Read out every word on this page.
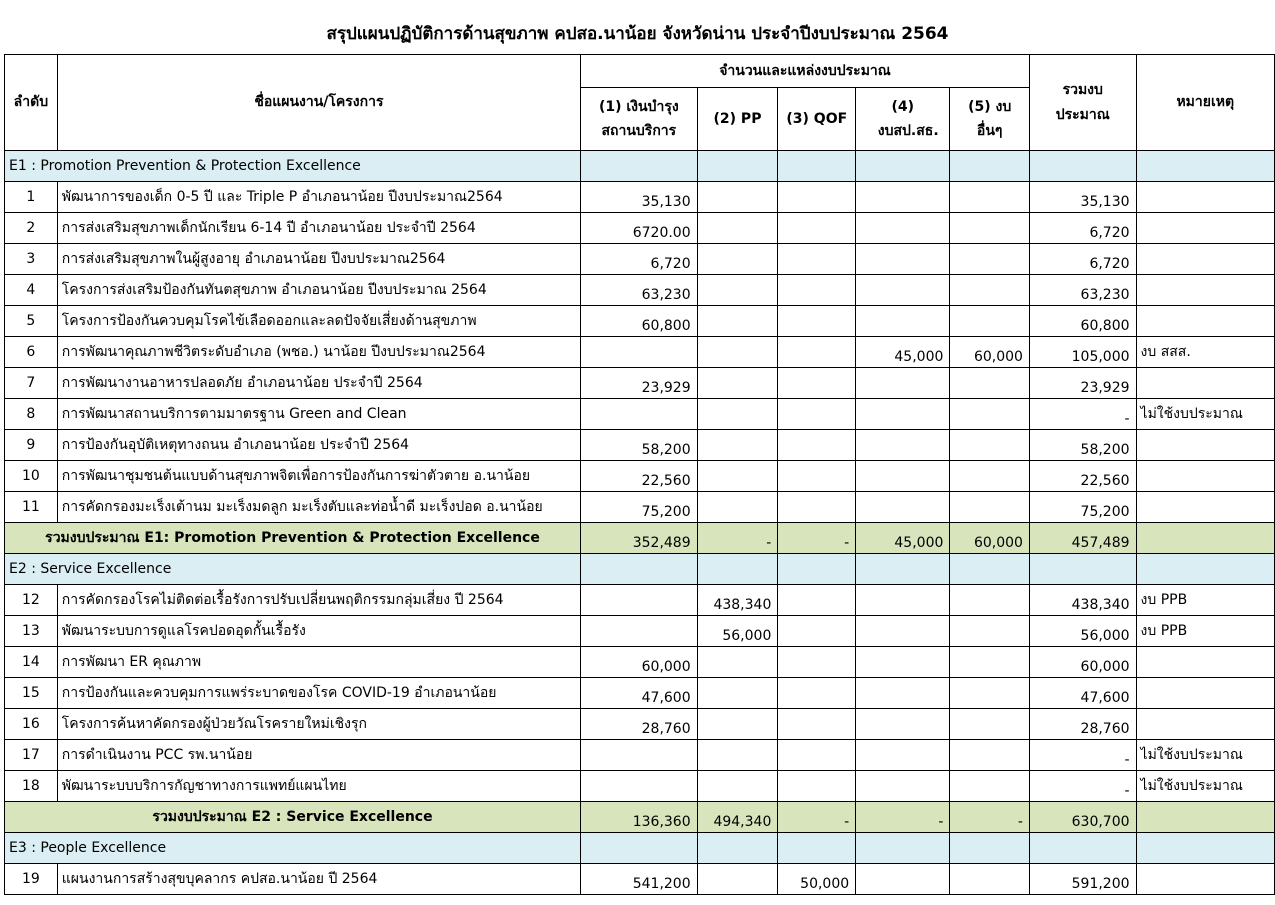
สรุปแผนปฏิบัติการด้านสุขภาพ คปสอ.นาน้อย จังหวัดน่าน ประจำปีงบประมาณ 2564
ลำดับ	ชื่อแผนงาน/โครงการ	จำนวนและแหล่งงบประมาณ					รวมงบประมาณ	หมายเหตุ

		(1) เงินบำรุงสถานบริการ	(2) PP	(3) QOF	(4) งบสป.สธ.	(5) งบอื่นๆ		

E1 : Promotion Prevention & Protection Excellence								
1	พัฒนาการของเด็ก 0-5 ปี และ Triple P อำเภอนาน้อย ปีงบประมาณ2564	35,130					35,130	
2	การส่งเสริมสุขภาพเด็กนักเรียน 6-14 ปี อำเภอนาน้อย ประจำปี 2564	6720.00					6,720	
3	การส่งเสริมสุขภาพในผู้สูงอายุ อำเภอนาน้อย ปีงบประมาณ2564	6,720					6,720	
4	โครงการส่งเสริมป้องกันทันตสุขภาพ อำเภอนาน้อย ปีงบประมาณ 2564	63,230					63,230	
5	โครงการป้องกันควบคุมโรคไข้เลือดออกและลดปัจจัยเสี่ยงด้านสุขภาพ	60,800					60,800	
6	การพัฒนาคุณภาพชีวิตระดับอำเภอ (พชอ.) นาน้อย ปีงบประมาณ2564				45,000	60,000	105,000	งบ สสส.
7	การพัฒนางานอาหารปลอดภัย อำเภอนาน้อย ประจำปี 2564	23,929					23,929	
8	การพัฒนาสถานบริการตามมาตรฐาน Green and Clean						-	ไม่ใช้งบประมาณ
9	การป้องกันอุบัติเหตุทางถนน อำเภอนาน้อย ประจำปี 2564	58,200					58,200	
10	การพัฒนาชุมชนต้นแบบด้านสุขภาพจิตเพื่อการป้องกันการฆ่าตัวตาย อ.นาน้อย	22,560					22,560	
11	การคัดกรองมะเร็งเต้านม มะเร็งมดลูก มะเร็งตับและท่อน้ำดี มะเร็งปอด อ.นาน้อย	75,200					75,200	
รวมงบประมาณ E1: Promotion Prevention & Protection Excellence		352,489	-	-	45,000	60,000	457,489	
E2 : Service Excellence								
12	การคัดกรองโรคไม่ติดต่อเรื้อรังการปรับเปลี่ยนพฤติกรรมกลุ่มเสี่ยง ปี 2564		438,340				438,340	งบ PPB
13	พัฒนาระบบการดูแลโรคปอดอุดกั้นเรื้อรัง		56,000				56,000	งบ PPB
14	การพัฒนา ER คุณภาพ	60,000					60,000	
15	การป้องกันและควบคุมการแพร่ระบาดของโรค COVID-19 อำเภอนาน้อย	47,600					47,600	
16	โครงการค้นหาคัดกรองผู้ป่วยวัณโรครายใหม่เชิงรุก	28,760					28,760	
17	การดำเนินงาน PCC รพ.นาน้อย						-	ไม่ใช้งบประมาณ
18	พัฒนาระบบบริการกัญชาทางการแพทย์แผนไทย						-	ไม่ใช้งบประมาณ
รวมงบประมาณ E2 : Service Excellence		136,360	494,340	-	-	-	630,700	
E3 : People Excellence								
19	แผนงานการสร้างสุขบุคลากร คปสอ.นาน้อย ปี 2564	541,200		50,000			591,200	
